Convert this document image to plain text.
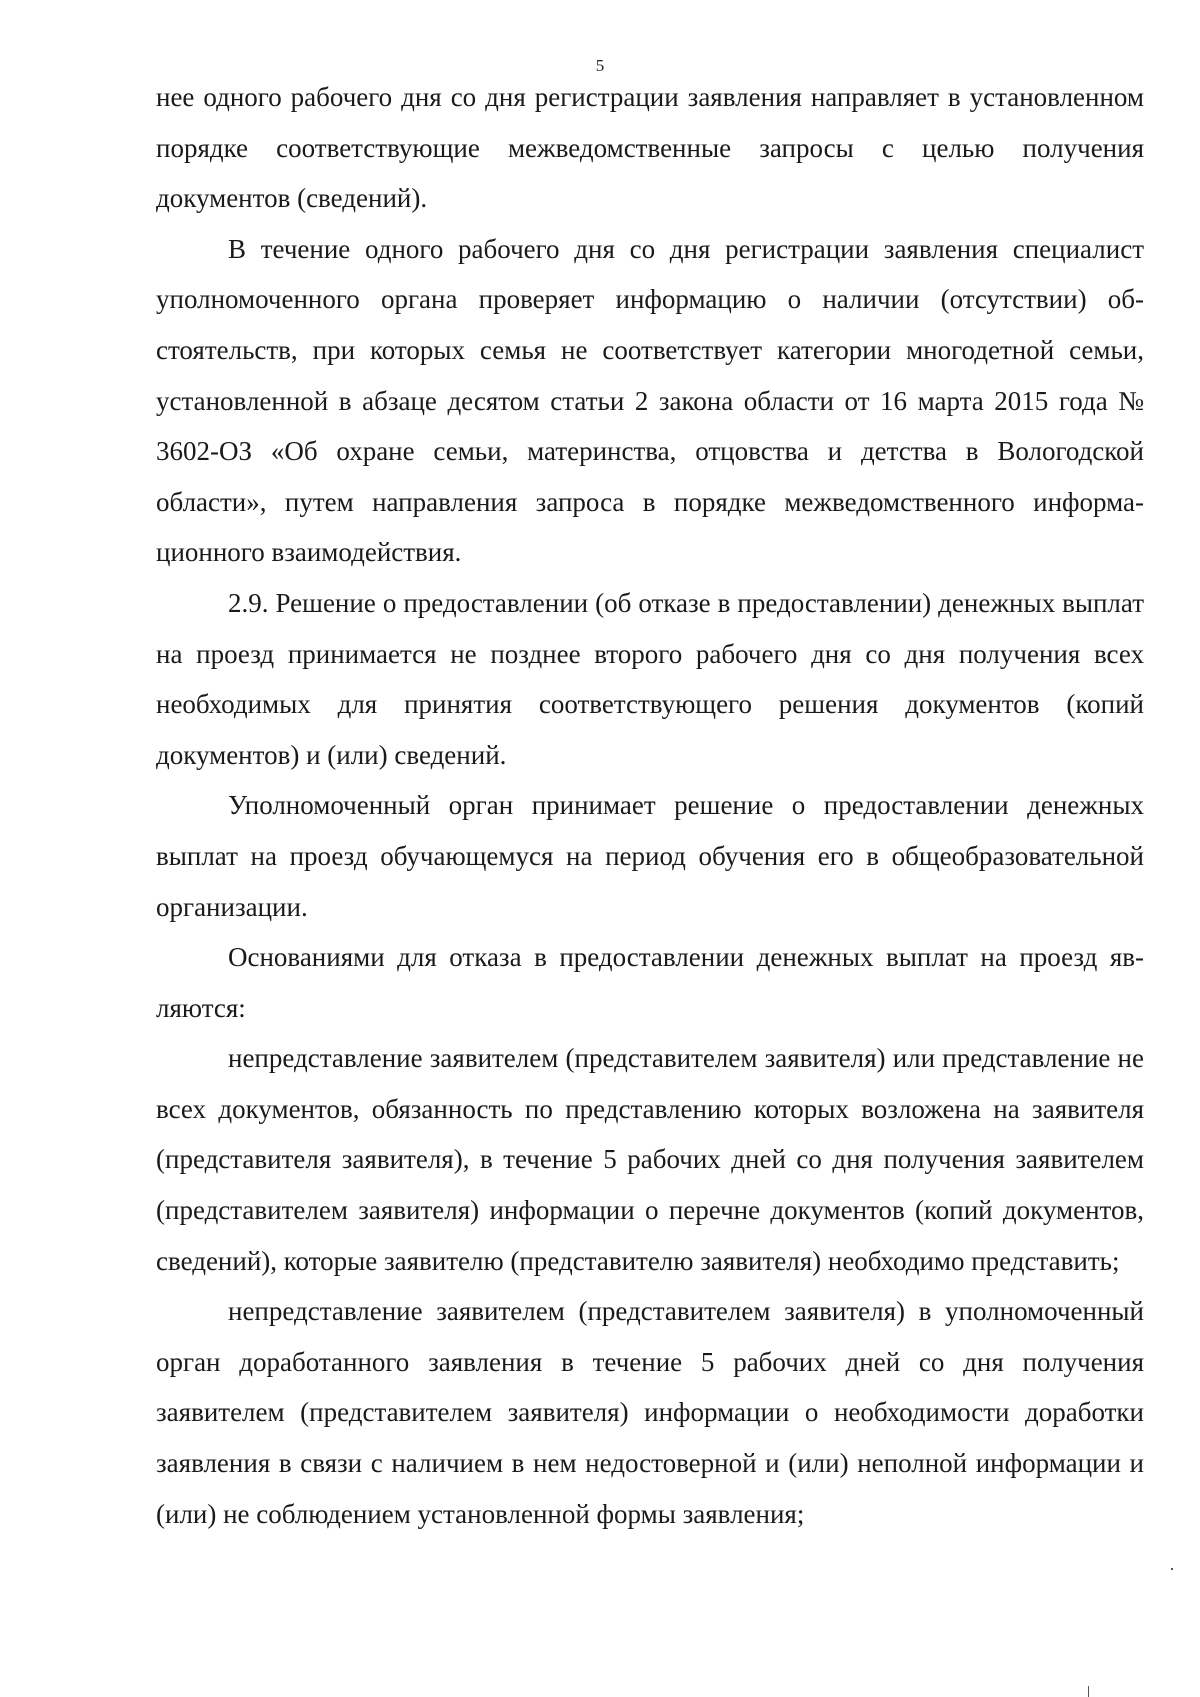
5

нее одного рабочего дня со дня регистрации заявления направляет в установленном порядке соответствующие межведомственные запросы с целью получения документов (сведений).

В течение одного рабочего дня со дня регистрации заявления специалист уполномоченного органа проверяет информацию о наличии (отсутствии) обстоятельств, при которых семья не соответствует категории многодетной семьи, установленной в абзаце десятом статьи 2 закона области от 16 марта 2015 года № 3602-ОЗ «Об охране семьи, материнства, отцовства и детства в Вологодской области», путем направления запроса в порядке межведомственного информационного взаимодействия.

2.9. Решение о предоставлении (об отказе в предоставлении) денежных выплат на проезд принимается не позднее второго рабочего дня со дня получения всех необходимых для принятия соответствующего решения документов (копий документов) и (или) сведений.

Уполномоченный орган принимает решение о предоставлении денежных выплат на проезд обучающемуся на период обучения его в общеобразовательной организации.

Основаниями для отказа в предоставлении денежных выплат на проезд являются:

непредставление заявителем (представителем заявителя) или представление не всех документов, обязанность по представлению которых возложена на заявителя (представителя заявителя), в течение 5 рабочих дней со дня получения заявителем (представителем заявителя) информации о перечне документов (копий документов, сведений), которые заявителю (представителю заявителя) необходимо представить;

непредставление заявителем (представителем заявителя) в уполномоченный орган доработанного заявления в течение 5 рабочих дней со дня получения заявителем (представителем заявителя) информации о необходимости доработки заявления в связи с наличием в нем недостоверной и (или) неполной информации и (или) не соблюдением установленной формы заявления;
